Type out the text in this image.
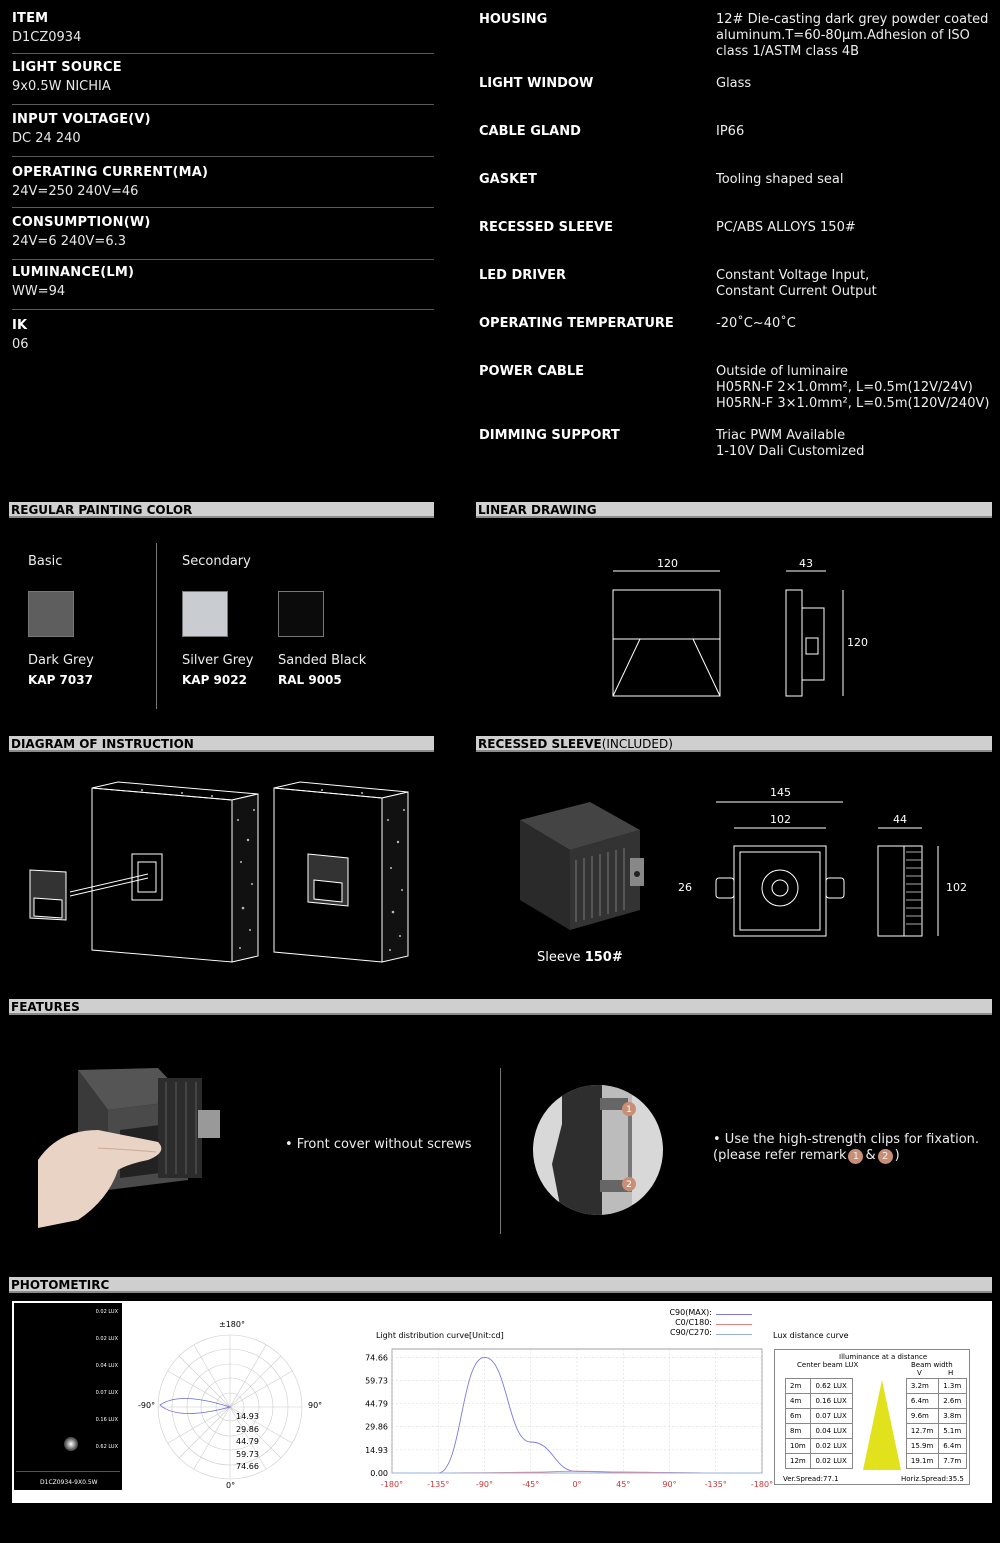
ITEM
D1CZ0934
LIGHT SOURCE
9x0.5W NICHIA
INPUT VOLTAGE(V)
DC 24 240
OPERATING CURRENT(MA)
24V=250 240V=46
CONSUMPTION(W)
24V=6 240V=6.3
LUMINANCE(LM)
WW=94
IK
06
HOUSING	12# Die-casting dark grey powder coated
aluminum.T=60-80μm.Adhesion of ISO
class 1/ASTM class 4B
LIGHT WINDOW	Glass
CABLE GLAND	IP66
GASKET	Tooling shaped seal
RECESSED SLEEVE	PC/ABS ALLOYS 150#
LED DRIVER	Constant Voltage Input,
Constant Current Output
OPERATING TEMPERATURE	-20˚C~40˚C
POWER CABLE	Outside of luminaire
H05RN-F 2×1.0mm², L=0.5m(12V/24V)
H05RN-F 3×1.0mm², L=0.5m(120V/240V)
DIMMING SUPPORT	Triac PWM Available
1-10V Dali Customized
REGULAR PAINTING COLOR	LINEAR DRAWING
DIAGRAM OF INSTRUCTION	RECESSED SLEEVE(INCLUDED)
FEATURES
PHOTOMETIRC
Basic	Secondary
Dark Grey
KAP 7037
Silver Grey
KAP 9022
Sanded Black
RAL 9005
120	43
120
Sleeve 150#
145
102	44
26	102
• Front cover without screws
1
2
• Use the high-strength clips for fixation.
(please refer remark 1 & 2 )
0.02 LUX
0.02 LUX
0.04 LUX
0.07 LUX
0.16 LUX
0.62 LUX
D1CZ0934-9X0.5W
±180°
-90°	90°
0°
14.93
29.86
44.79
59.73
74.66
Light distribution curve[Unit:cd]
C90(MAX):
C0/C180:
C90/C270:
-180°	-135°	-90°	-45°	0°	45°	90°	-135°	-180°
0.00
14.93
29.86
44.79
59.73
74.66
Lux distance curve
Illuminance at a distance
Center beam LUX	Beam width
V	H
2m	0.62 LUX		3.2m	1.3m
4m	0.16 LUX		6.4m	2.6m
6m	0.07 LUX		9.6m	3.8m
8m	0.04 LUX		12.7m	5.1m
10m	0.02 LUX		15.9m	6.4m
12m	0.02 LUX		19.1m	7.7m
Ver.Spread:77.1	Horiz.Spread:35.5
